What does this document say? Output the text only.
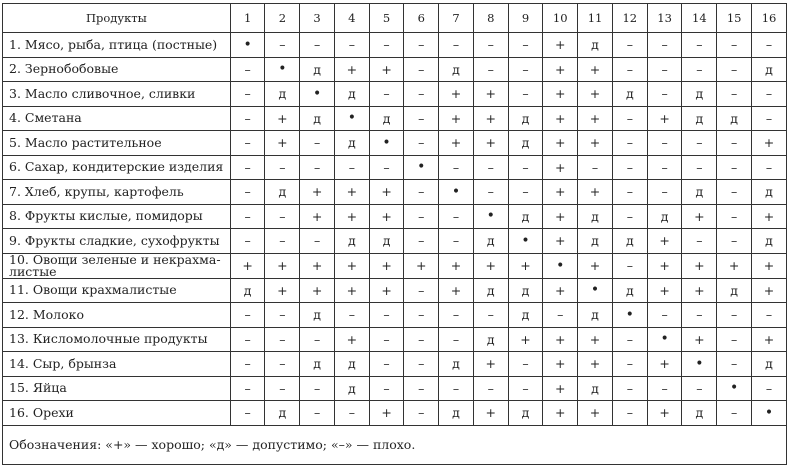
Продукты	1	2	3	4	5	6	7	8	9	10	11	12	13	14	15	16
1. Мясо, рыба, птица (постные)	•	–	–	–	–	–	–	–	–	+	д	–	–	–	–	–
2. Зернобобовые	–	•	д	+	+	–	д	–	–	+	+	–	–	–	–	д
3. Масло сливочное, сливки	–	д	•	д	–	–	+	+	–	+	+	д	–	д	–	–
4. Сметана	–	+	д	•	д	–	+	+	д	+	+	–	+	д	д	–
5. Масло растительное	–	+	–	д	•	–	+	+	д	+	+	–	–	–	–	+
6. Сахар, кондитерские изделия	–	–	–	–	–	•	–	–	–	+	–	–	–	–	–	–
7. Хлеб, крупы, картофель	–	д	+	+	+	–	•	–	–	+	+	–	–	д	–	д
8. Фрукты кислые, помидоры	–	–	+	+	+	–	–	•	д	+	д	–	д	+	–	+
9. Фрукты сладкие, сухофрукты	–	–	–	д	д	–	–	д	•	+	д	д	+	–	–	д
10. Овощи зеленые и некрахма-листые	+	+	+	+	+	+	+	+	+	•	+	–	+	+	+	+
11. Овощи крахмалистые	д	+	+	+	+	–	+	д	д	+	•	д	+	+	д	+
12. Молоко	–	–	д	–	–	–	–	–	д	–	д	•	–	–	–	–
13. Кисломолочные продукты	–	–	–	+	–	–	–	д	+	+	+	–	•	+	–	+
14. Сыр, брынза	–	–	д	д	–	–	д	+	–	+	+	–	+	•	–	д
15. Яйца	–	–	–	д	–	–	–	–	–	+	д	–	–	–	•	–
16. Орехи	–	д	–	–	+	–	д	+	д	+	+	–	+	д	–	•
Обозначения: «+» — хорошо; «д» — допустимо; «–» — плохо.																
